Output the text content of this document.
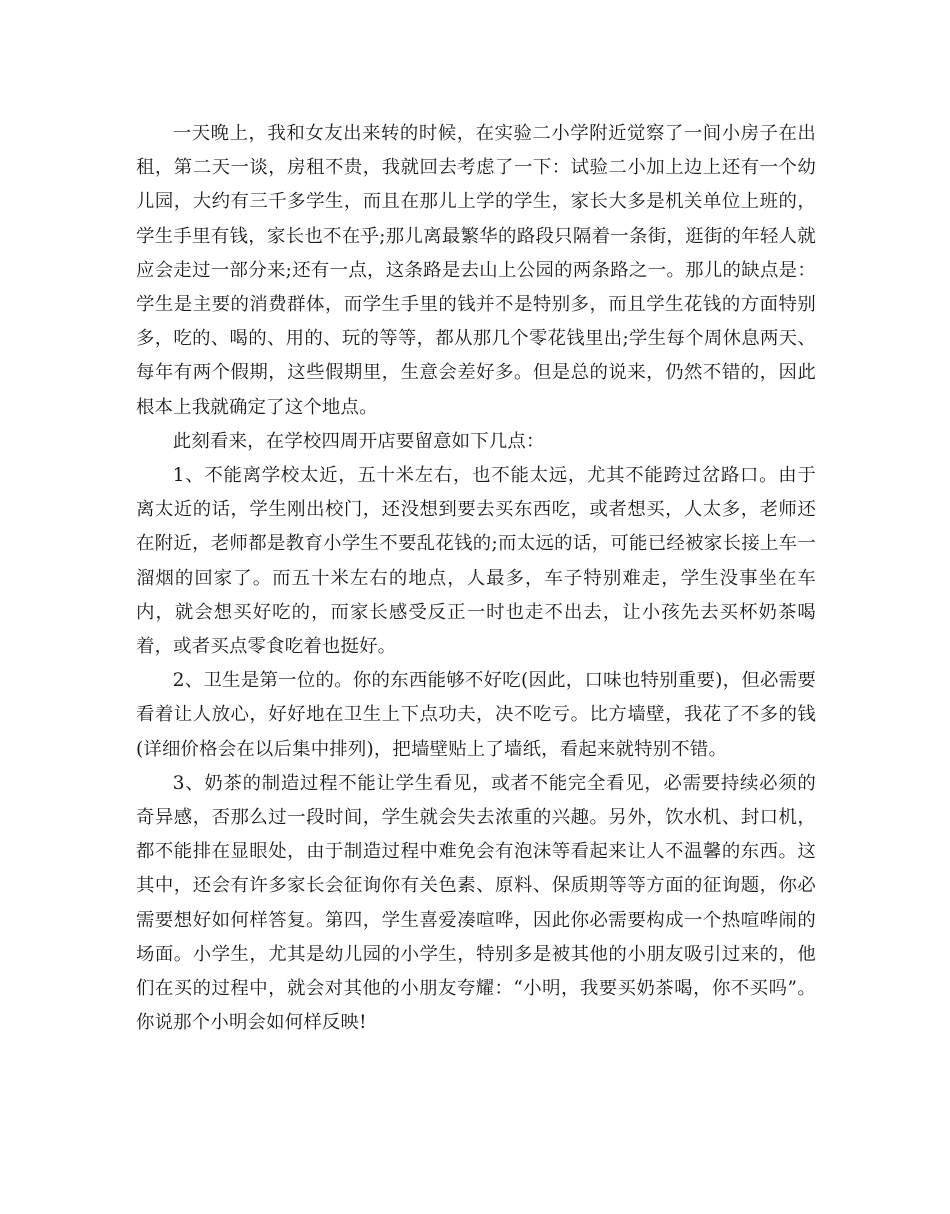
一天晚上，我和女友出来转的时候，在实验二小学附近觉察了一间小房子在出租，第二天一谈，房租不贵，我就回去考虑了一下：试验二小加上边上还有一个幼儿园，大约有三千多学生，而且在那儿上学的学生，家长大多是机关单位上班的，学生手里有钱，家长也不在乎;那儿离最繁华的路段只隔着一条街，逛街的年轻人就应会走过一部分来;还有一点，这条路是去山上公园的两条路之一。那儿的缺点是：学生是主要的消费群体，而学生手里的钱并不是特别多，而且学生花钱的方面特别多，吃的、喝的、用的、玩的等等，都从那几个零花钱里出;学生每个周休息两天、每年有两个假期，这些假期里，生意会差好多。但是总的说来，仍然不错的，因此根本上我就确定了这个地点。

此刻看来，在学校四周开店要留意如下几点：

1、不能离学校太近，五十米左右，也不能太远，尤其不能跨过岔路口。由于离太近的话，学生刚出校门，还没想到要去买东西吃，或者想买，人太多，老师还在附近，老师都是教育小学生不要乱花钱的;而太远的话，可能已经被家长接上车一溜烟的回家了。而五十米左右的地点，人最多，车子特别难走，学生没事坐在车内，就会想买好吃的，而家长感受反正一时也走不出去，让小孩先去买杯奶茶喝着，或者买点零食吃着也挺好。

2、卫生是第一位的。你的东西能够不好吃(因此，口味也特别重要)，但必需要看着让人放心，好好地在卫生上下点功夫，决不吃亏。比方墙壁，我花了不多的钱(详细价格会在以后集中排列)，把墙壁贴上了墙纸，看起来就特别不错。

3、奶茶的制造过程不能让学生看见，或者不能完全看见，必需要持续必须的奇异感，否那么过一段时间，学生就会失去浓重的兴趣。另外，饮水机、封口机，都不能排在显眼处，由于制造过程中难免会有泡沫等看起来让人不温馨的东西。这其中，还会有许多家长会征询你有关色素、原料、保质期等等方面的征询题，你必需要想好如何样答复。第四，学生喜爱凑喧哗，因此你必需要构成一个热喧哗闹的场面。小学生，尤其是幼儿园的小学生，特别多是被其他的小朋友吸引过来的，他们在买的过程中，就会对其他的小朋友夸耀：“小明，我要买奶茶喝，你不买吗”。你说那个小明会如何样反映!
